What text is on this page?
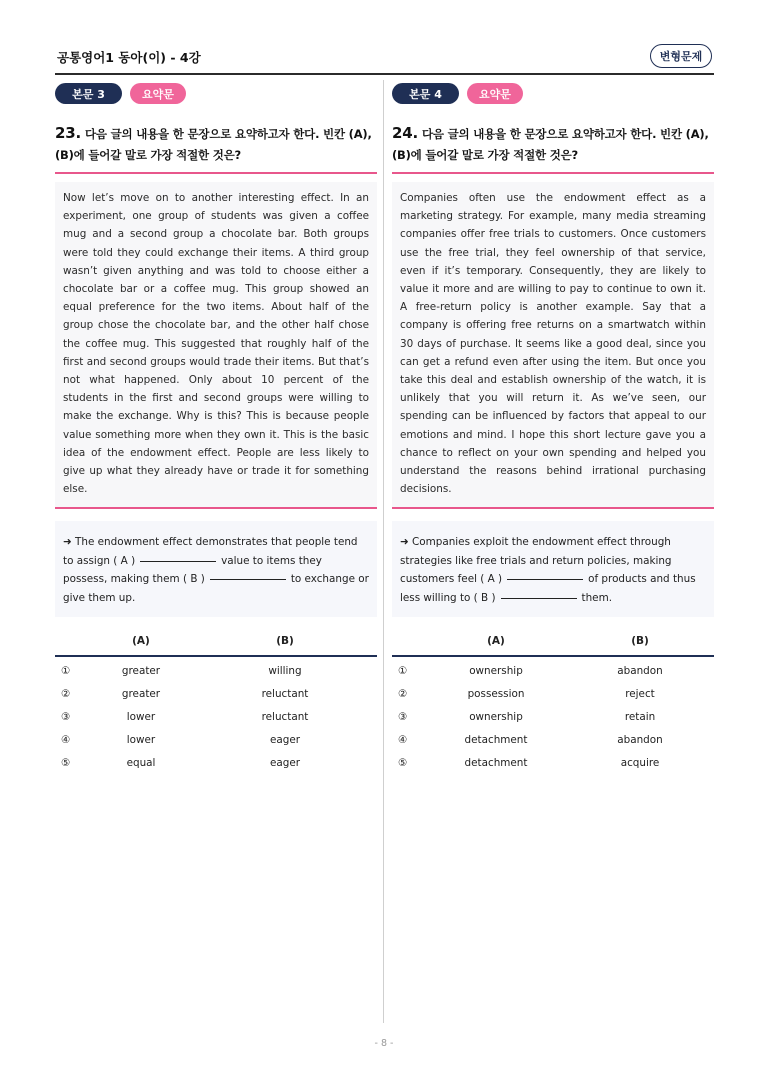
공통영어1 동아(이) - 4강	변형문제
본문 3	요약문
23. 다음 글의 내용을 한 문장으로 요약하고자 한다. 빈칸 (A), (B)에 들어갈 말로 가장 적절한 것은?
Now let’s move on to another interesting effect. In an experiment, one group of students was given a coffee mug and a second group a chocolate bar. Both groups were told they could exchange their items. A third group wasn’t given anything and was told to choose either a chocolate bar or a coffee mug. This group showed an equal preference for the two items. About half of the group chose the chocolate bar, and the other half chose the coffee mug. This suggested that roughly half of the first and second groups would trade their items. But that’s not what happened. Only about 10 percent of the students in the first and second groups were willing to make the exchange. Why is this? This is because people value something more when they own it. This is the basic idea of the endowment effect. People are less likely to give up what they already have or trade it for something else.
➜ The endowment effect demonstrates that people tend to assign ( A )	value to items they possess, making them ( B )	to exchange or give them up.
(A)	(B)
①	greater	willing
②	greater	reluctant
③	lower	reluctant
④	lower	eager
⑤	equal	eager
본문 4	요약문
24. 다음 글의 내용을 한 문장으로 요약하고자 한다. 빈칸 (A), (B)에 들어갈 말로 가장 적절한 것은?
Companies often use the endowment effect as a marketing strategy. For example, many media streaming companies offer free trials to customers. Once customers use the free trial, they feel ownership of that service, even if it’s temporary. Consequently, they are likely to value it more and are willing to pay to continue to own it. A free-return policy is another example. Say that a company is offering free returns on a smartwatch within 30 days of purchase. It seems like a good deal, since you can get a refund even after using the item. But once you take this deal and establish ownership of the watch, it is unlikely that you will return it. As we’ve seen, our spending can be influenced by factors that appeal to our emotions and mind. I hope this short lecture gave you a chance to reflect on your own spending and helped you understand the reasons behind irrational purchasing decisions.
➜ Companies exploit the endowment effect through strategies like free trials and return policies, making customers feel ( A )	of products and thus less willing to ( B )	them.
(A)	(B)
①	ownership	abandon
②	possession	reject
③	ownership	retain
④	detachment	abandon
⑤	detachment	acquire
- 8 -
